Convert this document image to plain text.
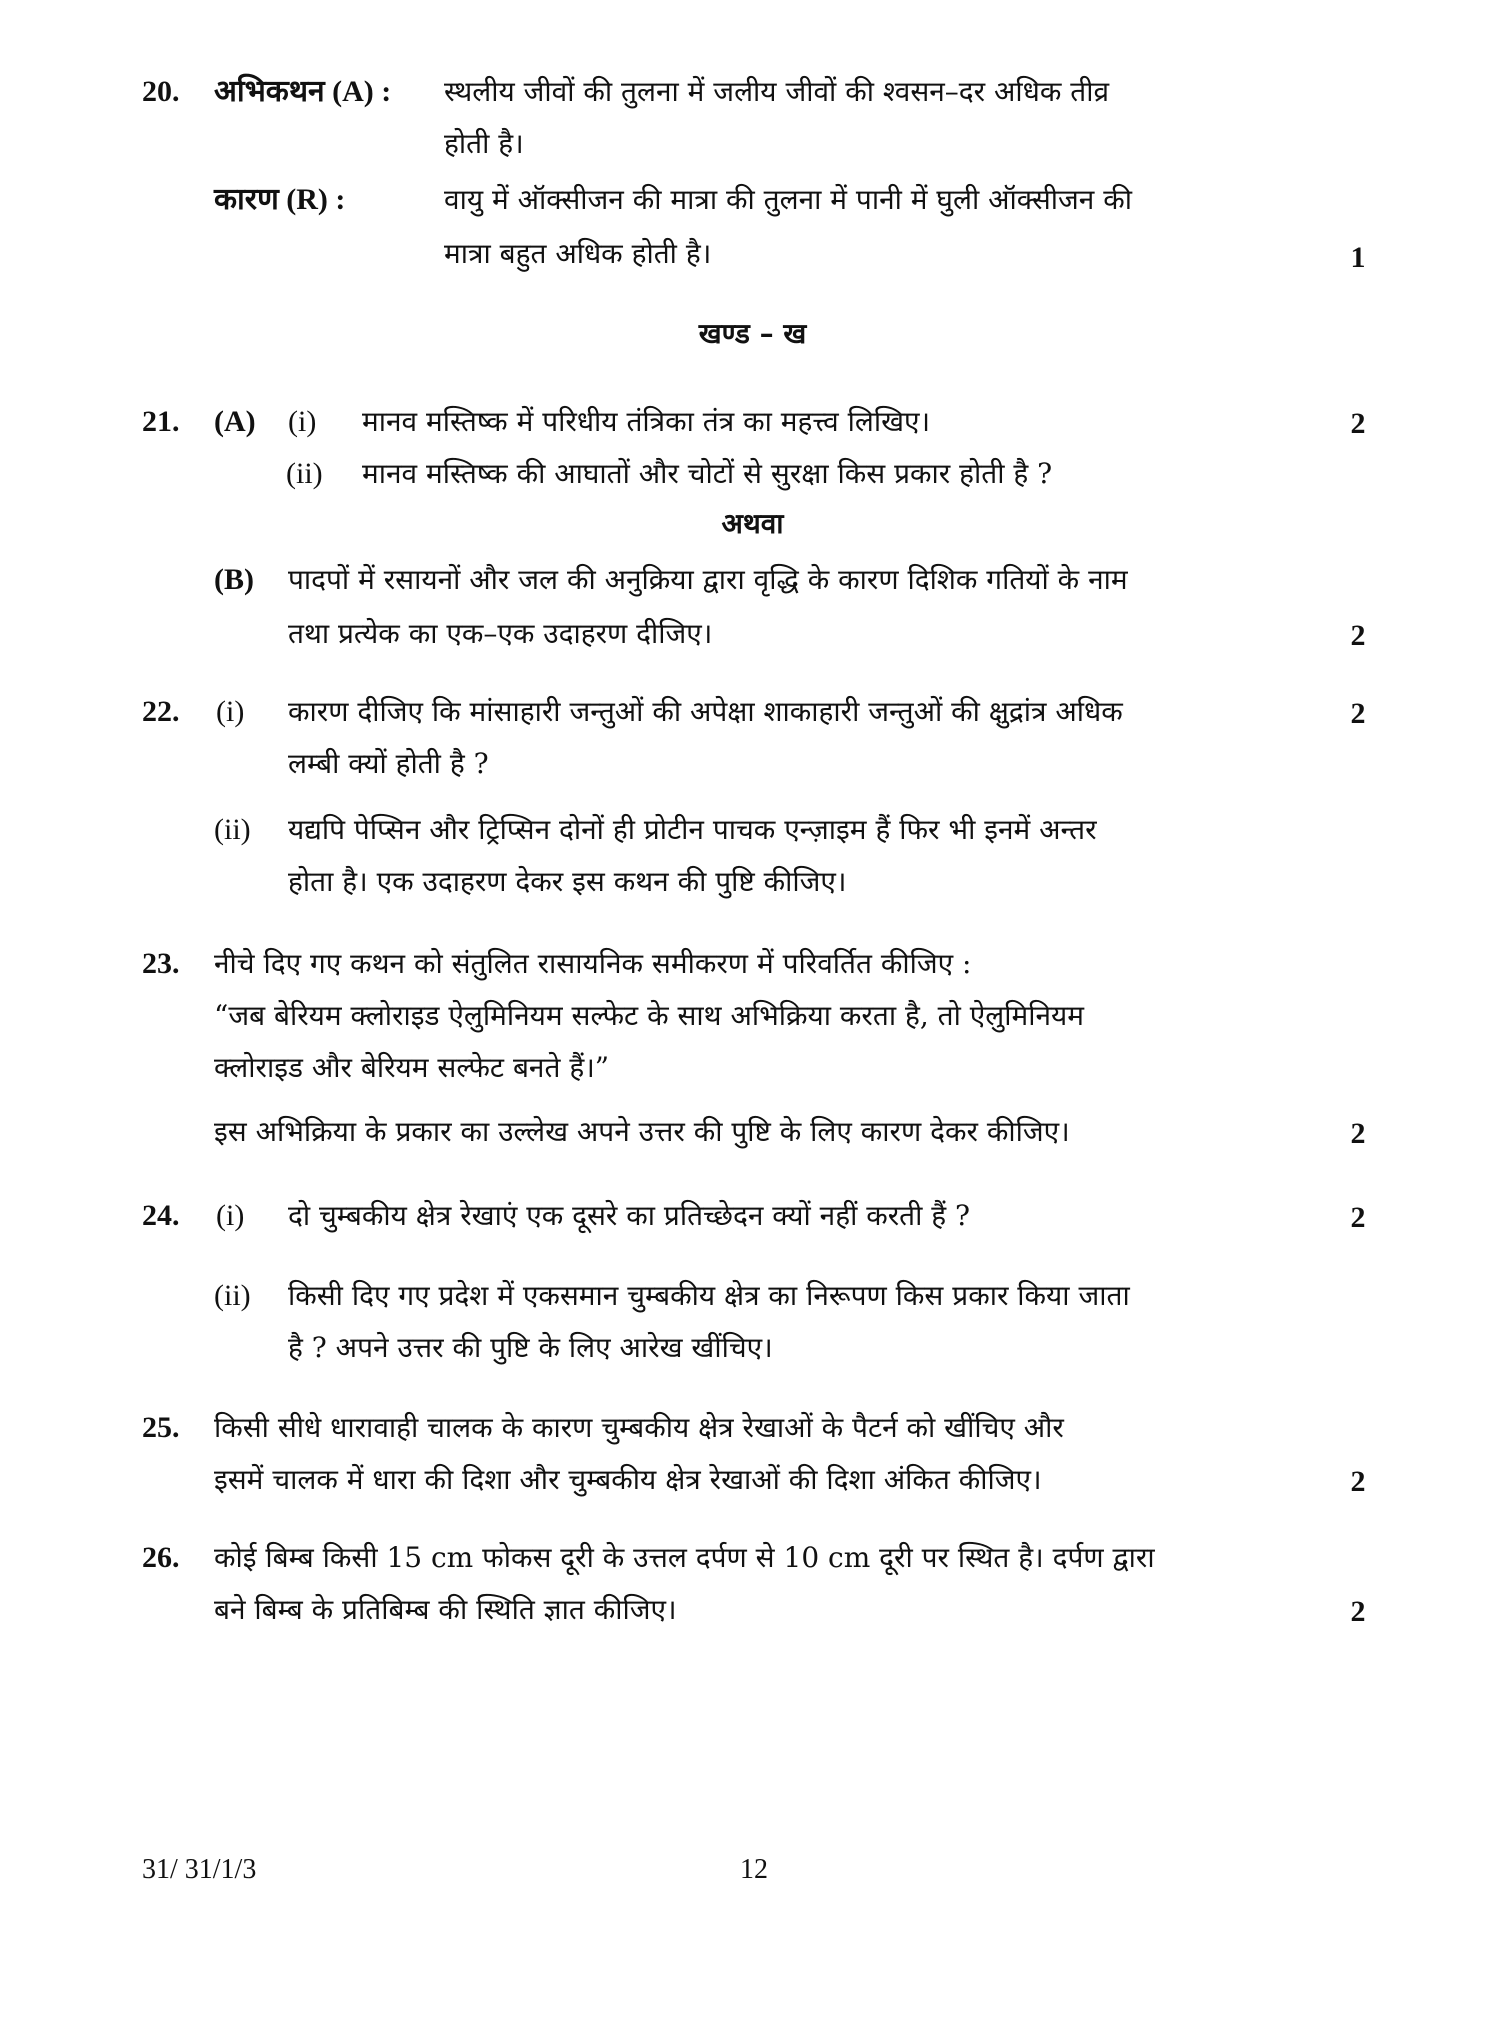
20. अभिकथन (A) : स्थलीय जीवों की तुलना में जलीय जीवों की श्वसन–दर अधिक तीव्र
होती है।
कारण (R) :	वायु में ऑक्सीजन की मात्रा की तुलना में पानी में घुली ऑक्सीजन की
मात्रा बहुत अधिक होती है।	1
खण्ड – ख
21. (A) (i) मानव मस्तिष्क में परिधीय तंत्रिका तंत्र का महत्त्व लिखिए।	2
(ii) मानव मस्तिष्क की आघातों और चोटों से सुरक्षा किस प्रकार होती है ?
अथवा
(B) पादपों में रसायनों और जल की अनुक्रिया द्वारा वृद्धि के कारण दिशिक गतियों के नाम
तथा प्रत्येक का एक–एक उदाहरण दीजिए।	2
22. (i) कारण दीजिए कि मांसाहारी जन्तुओं की अपेक्षा शाकाहारी जन्तुओं की क्षुद्रांत्र अधिक	2
लम्बी क्यों होती है ?
(ii) यद्यपि पेप्सिन और ट्रिप्सिन दोनों ही प्रोटीन पाचक एन्ज़ाइम हैं फिर भी इनमें अन्तर
होता है। एक उदाहरण देकर इस कथन की पुष्टि कीजिए।
23. नीचे दिए गए कथन को संतुलित रासायनिक समीकरण में परिवर्तित कीजिए :
“जब बेरियम क्लोराइड ऐलुमिनियम सल्फेट के साथ अभिक्रिया करता है, तो ऐलुमिनियम
क्लोराइड और बेरियम सल्फेट बनते हैं।”
इस अभिक्रिया के प्रकार का उल्लेख अपने उत्तर की पुष्टि के लिए कारण देकर कीजिए।	2
24. (i) दो चुम्बकीय क्षेत्र रेखाएं एक दूसरे का प्रतिच्छेदन क्यों नहीं करती हैं ?	2
(ii) किसी दिए गए प्रदेश में एकसमान चुम्बकीय क्षेत्र का निरूपण किस प्रकार किया जाता
है ? अपने उत्तर की पुष्टि के लिए आरेख खींचिए।
25. किसी सीधे धारावाही चालक के कारण चुम्बकीय क्षेत्र रेखाओं के पैटर्न को खींचिए और
इसमें चालक में धारा की दिशा और चुम्बकीय क्षेत्र रेखाओं की दिशा अंकित कीजिए।	2
26. कोई बिम्ब किसी 15 cm फोकस दूरी के उत्तल दर्पण से 10 cm दूरी पर स्थित है। दर्पण द्वारा
बने बिम्ब के प्रतिबिम्ब की स्थिति ज्ञात कीजिए।	2
31/ 31/1/3	12
